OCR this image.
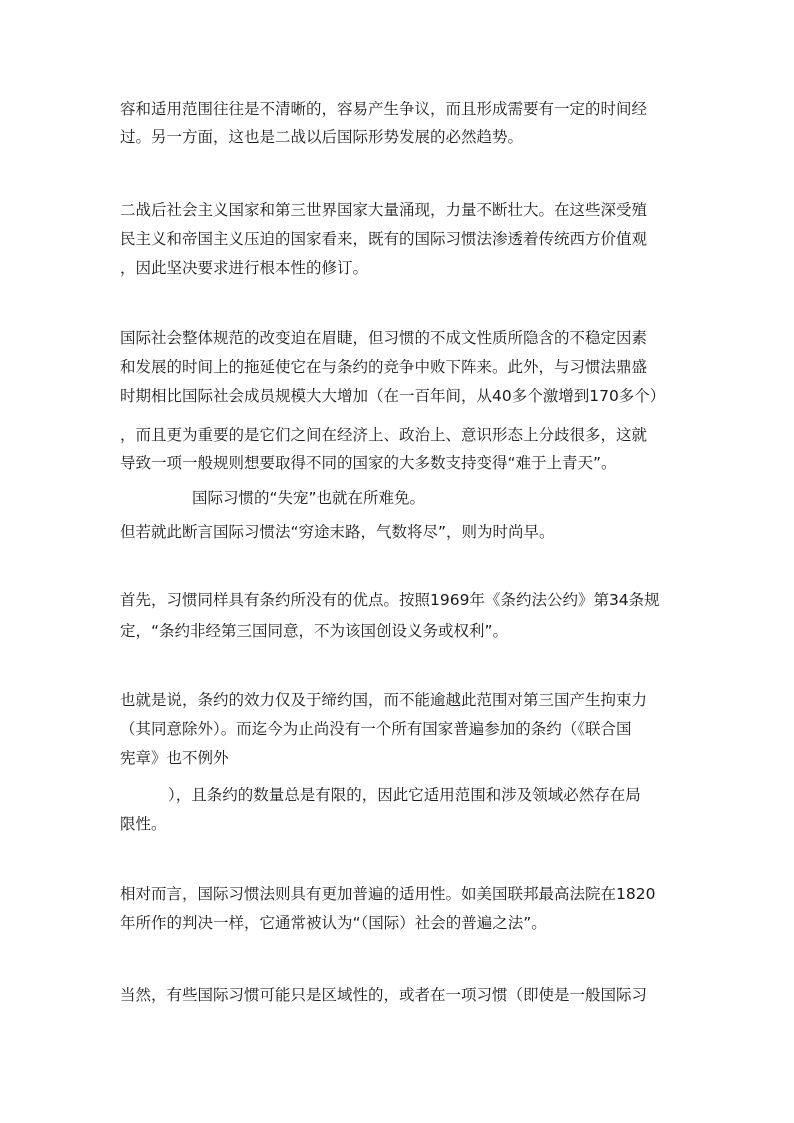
容和适用范围往往是不清晰的，容易产生争议，而且形成需要有一定的时间经
过。另一方面，这也是二战以后国际形势发展的必然趋势。
二战后社会主义国家和第三世界国家大量涌现，力量不断壮大。在这些深受殖
民主义和帝国主义压迫的国家看来，既有的国际习惯法渗透着传统西方价值观
，因此坚决要求进行根本性的修订。
国际社会整体规范的改变迫在眉睫，但习惯的不成文性质所隐含的不稳定因素
和发展的时间上的拖延使它在与条约的竞争中败下阵来。此外，与习惯法鼎盛
时期相比国际社会成员规模大大增加（在一百年间，从40多个激增到170多个）
，而且更为重要的是它们之间在经济上、政治上、意识形态上分歧很多，这就
导致一项一般规则想要取得不同的国家的大多数支持变得“难于上青天”。
国际习惯的“失宠”也就在所难免。
但若就此断言国际习惯法“穷途末路，气数将尽”，则为时尚早。
首先，习惯同样具有条约所没有的优点。按照1969年《条约法公约》第34条规
定，“条约非经第三国同意，不为该国创设义务或权利”。
也就是说，条约的效力仅及于缔约国，而不能逾越此范围对第三国产生拘束力
（其同意除外）。而迄今为止尚没有一个所有国家普遍参加的条约（《联合国
宪章》也不例外
），且条约的数量总是有限的，因此它适用范围和涉及领域必然存在局
限性。
相对而言，国际习惯法则具有更加普遍的适用性。如美国联邦最高法院在1820
年所作的判决一样，它通常被认为“（国际）社会的普遍之法”。
当然，有些国际习惯可能只是区域性的，或者在一项习惯（即使是一般国际习
